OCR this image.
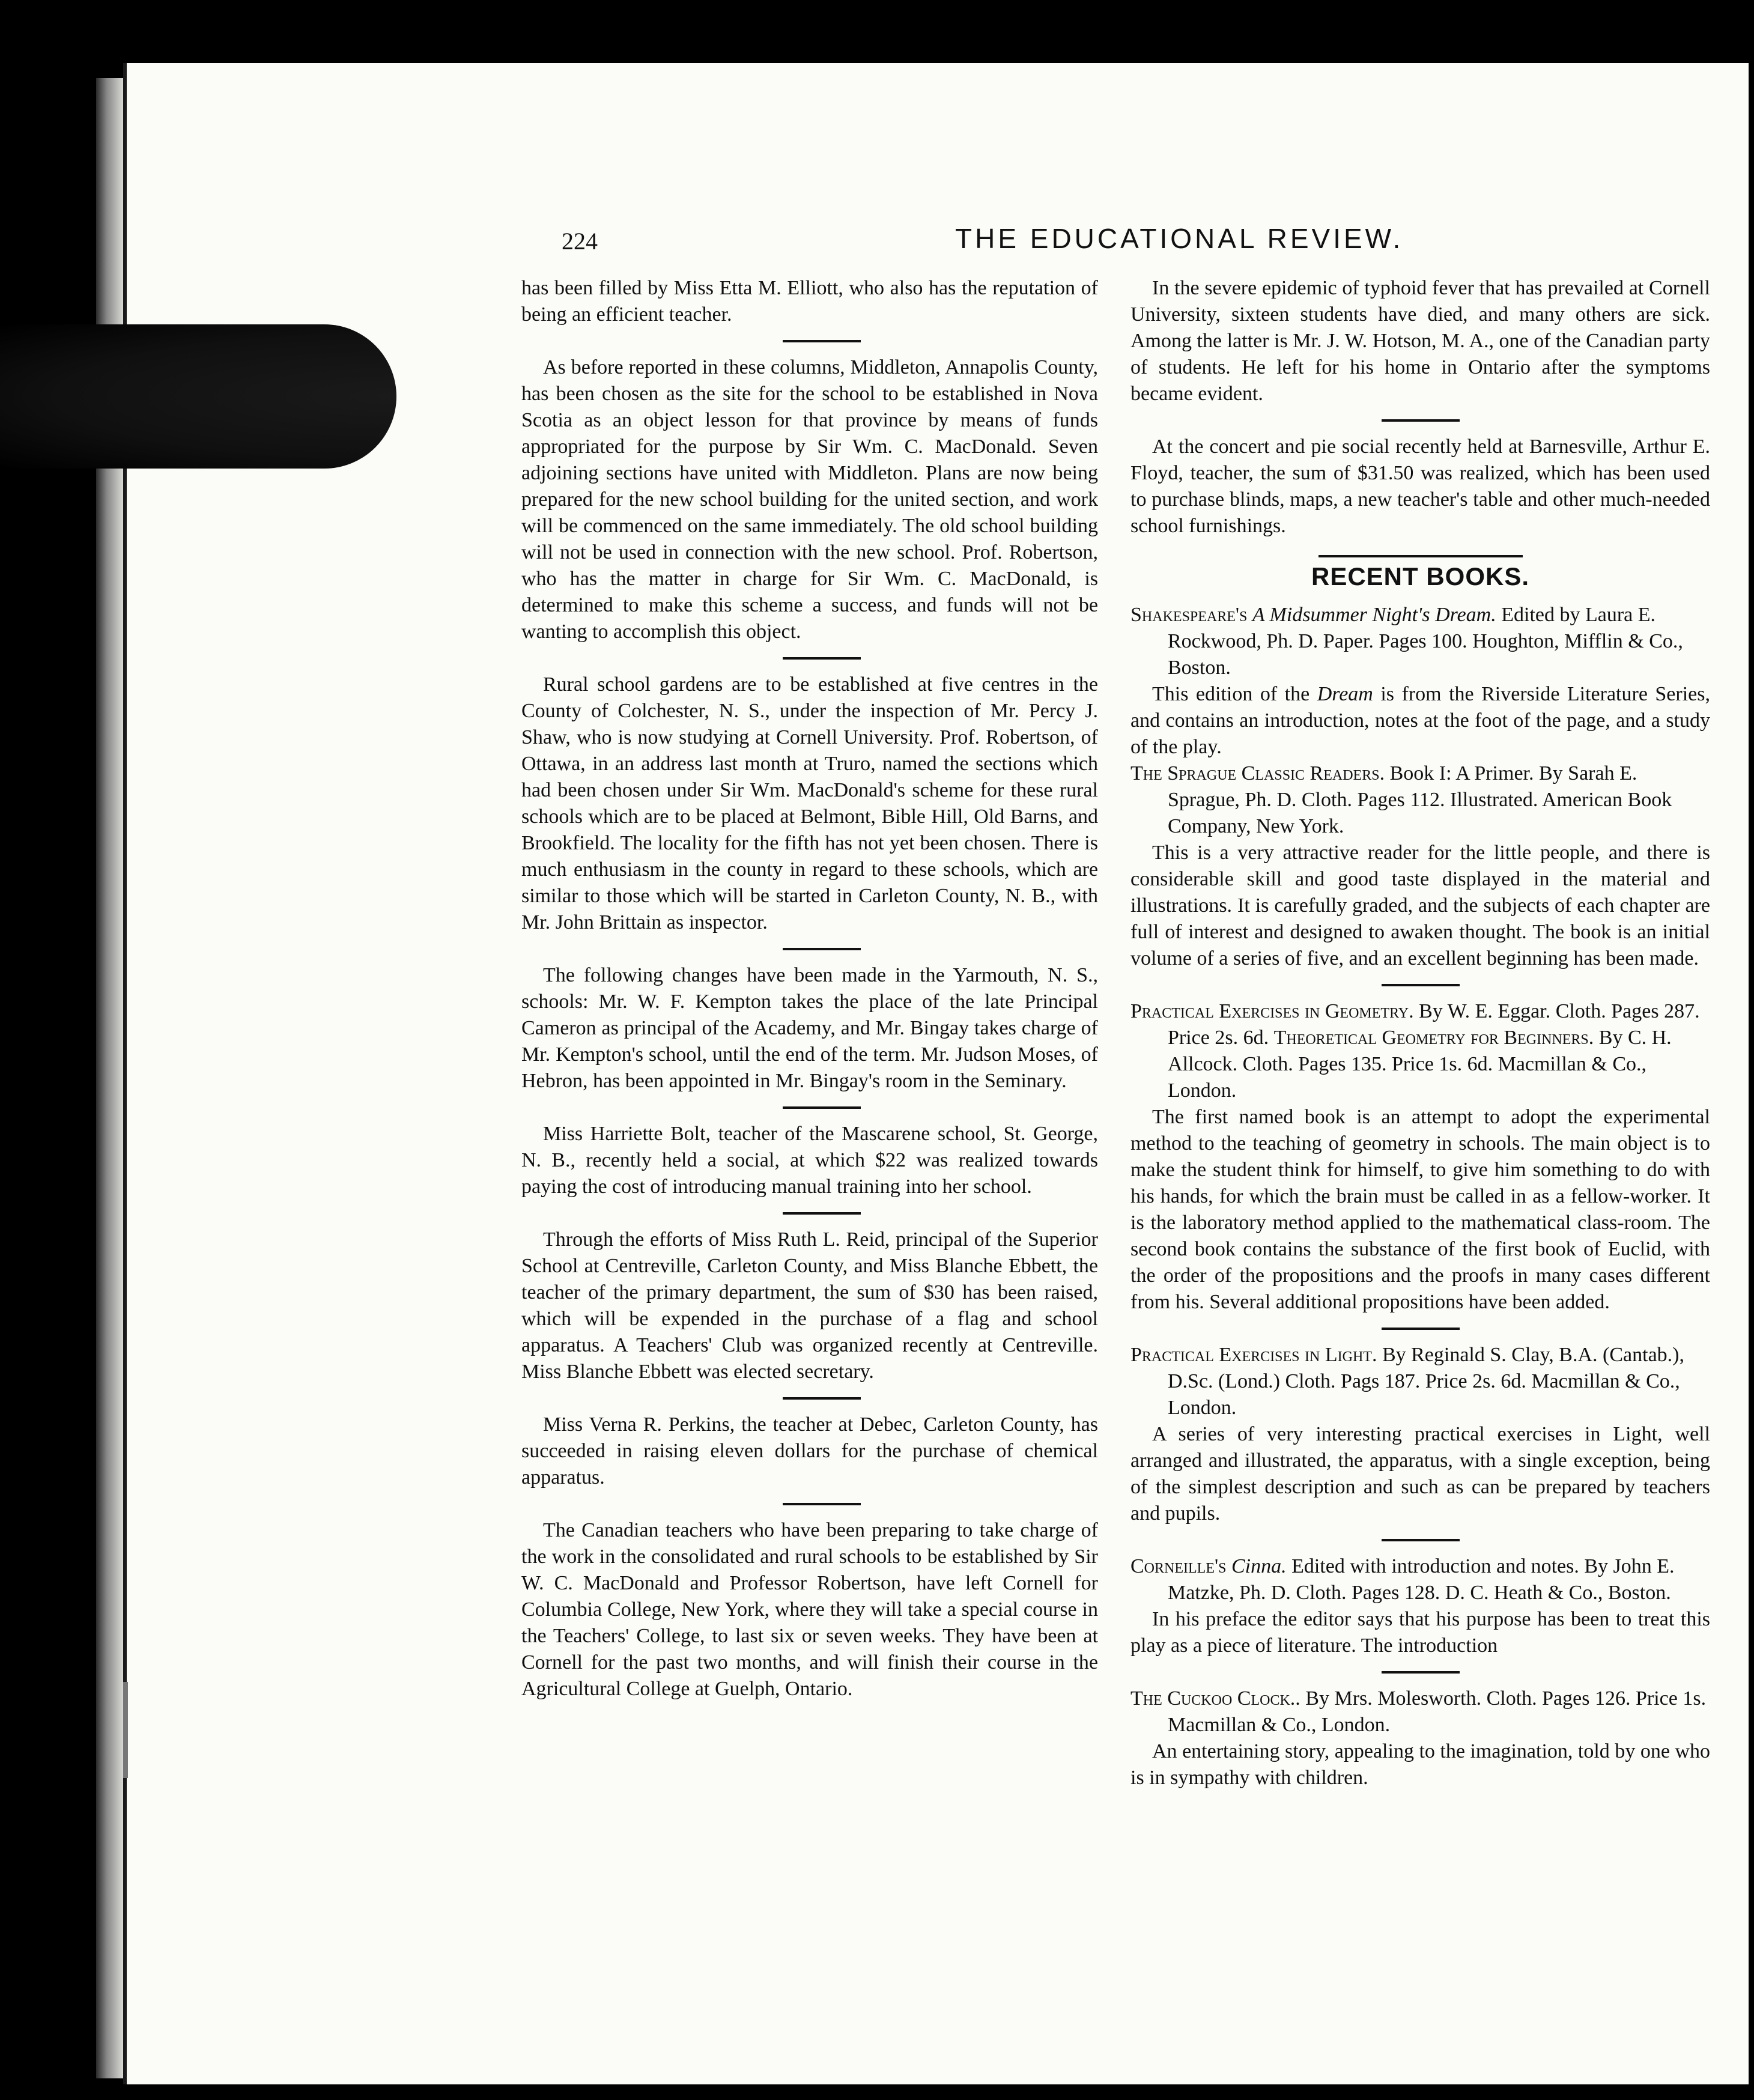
224	THE EDUCATIONAL REVIEW.

has been filled by Miss Etta M. Elliott, who also has the reputation of being an efficient teacher.

As before reported in these columns, Middleton, Annapolis County, has been chosen as the site for the school to be established in Nova Scotia as an object lesson for that province by means of funds appropriated for the purpose by Sir Wm. C. MacDonald. Seven adjoining sections have united with Middleton. Plans are now being prepared for the new school building for the united section, and work will be commenced on the same immediately. The old school building will not be used in connection with the new school. Prof. Robertson, who has the matter in charge for Sir Wm. C. MacDonald, is determined to make this scheme a success, and funds will not be wanting to accomplish this object.

Rural school gardens are to be established at five centres in the County of Colchester, N. S., under the inspection of Mr. Percy J. Shaw, who is now studying at Cornell University. Prof. Robertson, of Ottawa, in an address last month at Truro, named the sections which had been chosen under Sir Wm. MacDonald's scheme for these rural schools which are to be placed at Belmont, Bible Hill, Old Barns, and Brookfield. The locality for the fifth has not yet been chosen. There is much enthusiasm in the county in regard to these schools, which are similar to those which will be started in Carleton County, N. B., with Mr. John Brittain as inspector.

The following changes have been made in the Yarmouth, N. S., schools: Mr. W. F. Kempton takes the place of the late Principal Cameron as principal of the Academy, and Mr. Bingay takes charge of Mr. Kempton's school, until the end of the term. Mr. Judson Moses, of Hebron, has been appointed in Mr. Bingay's room in the Seminary.

Miss Harriette Bolt, teacher of the Mascarene school, St. George, N. B., recently held a social, at which $22 was realized towards paying the cost of introducing manual training into her school.

Through the efforts of Miss Ruth L. Reid, principal of the Superior School at Centreville, Carleton County, and Miss Blanche Ebbett, the teacher of the primary department, the sum of $30 has been raised, which will be expended in the purchase of a flag and school apparatus. A Teachers' Club was organized recently at Centreville. Miss Blanche Ebbett was elected secretary.

Miss Verna R. Perkins, the teacher at Debec, Carleton County, has succeeded in raising eleven dollars for the purchase of chemical apparatus.

The Canadian teachers who have been preparing to take charge of the work in the consolidated and rural schools to be established by Sir W. C. MacDonald and Professor Robertson, have left Cornell for Columbia College, New York, where they will take a special course in the Teachers' College, to last six or seven weeks. They have been at Cornell for the past two months, and will finish their course in the Agricultural College at Guelph, Ontario.

In the severe epidemic of typhoid fever that has prevailed at Cornell University, sixteen students have died, and many others are sick. Among the latter is Mr. J. W. Hotson, M. A., one of the Canadian party of students. He left for his home in Ontario after the symptoms became evident.

At the concert and pie social recently held at Barnesville, Arthur E. Floyd, teacher, the sum of $31.50 was realized, which has been used to purchase blinds, maps, a new teacher's table and other much-needed school furnishings.

RECENT BOOKS.
Shakespeare's A Midsummer Night's Dream. Edited by Laura E. Rockwood, Ph. D. Paper. Pages 100. Houghton, Mifflin & Co., Boston.

This edition of the Dream is from the Riverside Literature Series, and contains an introduction, notes at the foot of the page, and a study of the play.

The Sprague Classic Readers. Book I: A Primer. By Sarah E. Sprague, Ph. D. Cloth. Pages 112. Illustrated. American Book Company, New York.

This is a very attractive reader for the little people, and there is considerable skill and good taste displayed in the material and illustrations. It is carefully graded, and the subjects of each chapter are full of interest and designed to awaken thought. The book is an initial volume of a series of five, and an excellent beginning has been made.

Practical Exercises in Geometry. By W. E. Eggar. Cloth. Pages 287. Price 2s. 6d. Theoretical Geometry for Beginners. By C. H. Allcock. Cloth. Pages 135. Price 1s. 6d. Macmillan & Co., London.

The first named book is an attempt to adopt the experimental method to the teaching of geometry in schools. The main object is to make the student think for himself, to give him something to do with his hands, for which the brain must be called in as a fellow-worker. It is the laboratory method applied to the mathematical class-room. The second book contains the substance of the first book of Euclid, with the order of the propositions and the proofs in many cases different from his. Several additional propositions have been added.

Practical Exercises in Light. By Reginald S. Clay, B.A. (Cantab.), D.Sc. (Lond.) Cloth. Pags 187. Price 2s. 6d. Macmillan & Co., London.

A series of very interesting practical exercises in Light, well arranged and illustrated, the apparatus, with a single exception, being of the simplest description and such as can be prepared by teachers and pupils.

Corneille's Cinna. Edited with introduction and notes. By John E. Matzke, Ph. D. Cloth. Pages 128. D. C. Heath & Co., Boston.

In his preface the editor says that his purpose has been to treat this play as a piece of literature. The introduction

The Cuckoo Clock.. By Mrs. Molesworth. Cloth. Pages 126. Price 1s. Macmillan & Co., London.

An entertaining story, appealing to the imagination, told by one who is in sympathy with children.
